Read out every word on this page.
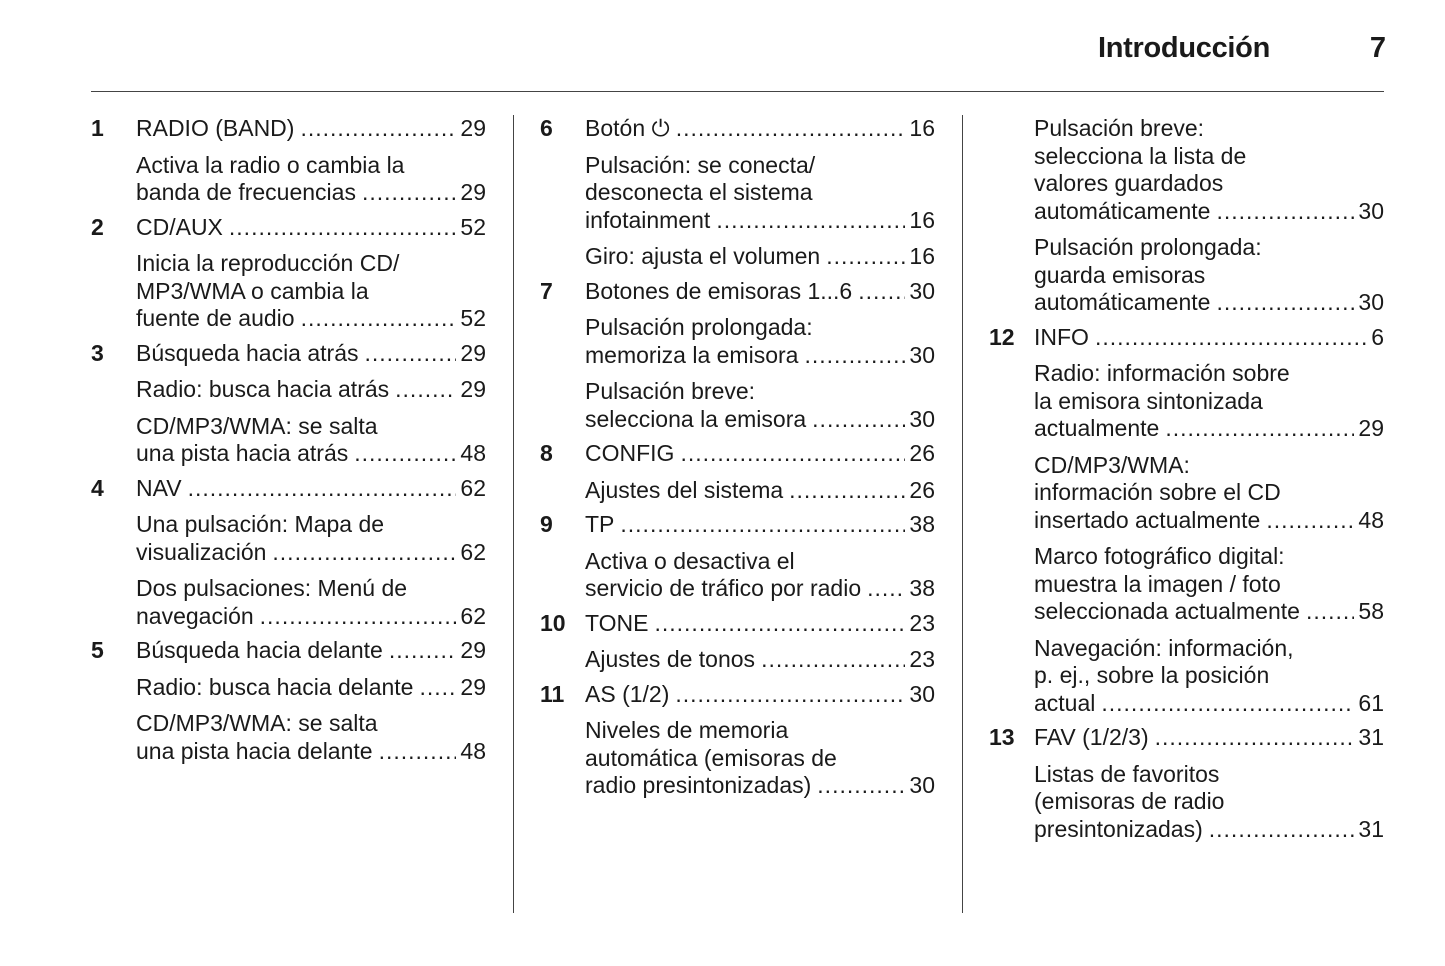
Introducción	7
1 RADIO (BAND) .....	29
Activa la radio o cambia la
banda de frecuencias .....	29
2 CD/AUX .....	52
Inicia la reproducción CD/
MP3/WMA o cambia la
fuente de audio .....	52
3 Búsqueda hacia atrás .....	29
Radio: busca hacia atrás .....	29
CD/MP3/WMA: se salta
una pista hacia atrás .....	48
4 NAV .....	62
Una pulsación: Mapa de
visualización .....	62
Dos pulsaciones: Menú de
navegación .....	62
5 Búsqueda hacia delante .....	29
Radio: busca hacia delante ..... 29
CD/MP3/WMA: se salta
una pista hacia delante .....	48
6 Botón ⏻ .....	16
Pulsación: se conecta/
desconecta el sistema
infotainment .....	16
Giro: ajusta el volumen .....	16
7 Botones de emisoras 1...6 ..... 30
Pulsación prolongada:
memoriza la emisora .....	30
Pulsación breve:
selecciona la emisora .....	30
8 CONFIG .....	26
Ajustes del sistema .....	26
9 TP .....	38
Activa o desactiva el
servicio de tráfico por radio ..... 38
10 TONE .....	23
Ajustes de tonos .....	23
11 AS (1/2) .....	30
Niveles de memoria
automática (emisoras de
radio presintonizadas) .....	30
Pulsación breve:
selecciona la lista de
valores guardados
automáticamente .....	30
Pulsación prolongada:
guarda emisoras
automáticamente .....	30
12 INFO .....	6
Radio: información sobre
la emisora sintonizada
actualmente .....	29
CD/MP3/WMA:
información sobre el CD
insertado actualmente .....	48
Marco fotográfico digital:
muestra la imagen / foto
seleccionada actualmente .....	58
Navegación: información,
p. ej., sobre la posición
actual .....	61
13 FAV (1/2/3) .....	31
Listas de favoritos
(emisoras de radio
presintonizadas) .....	31
